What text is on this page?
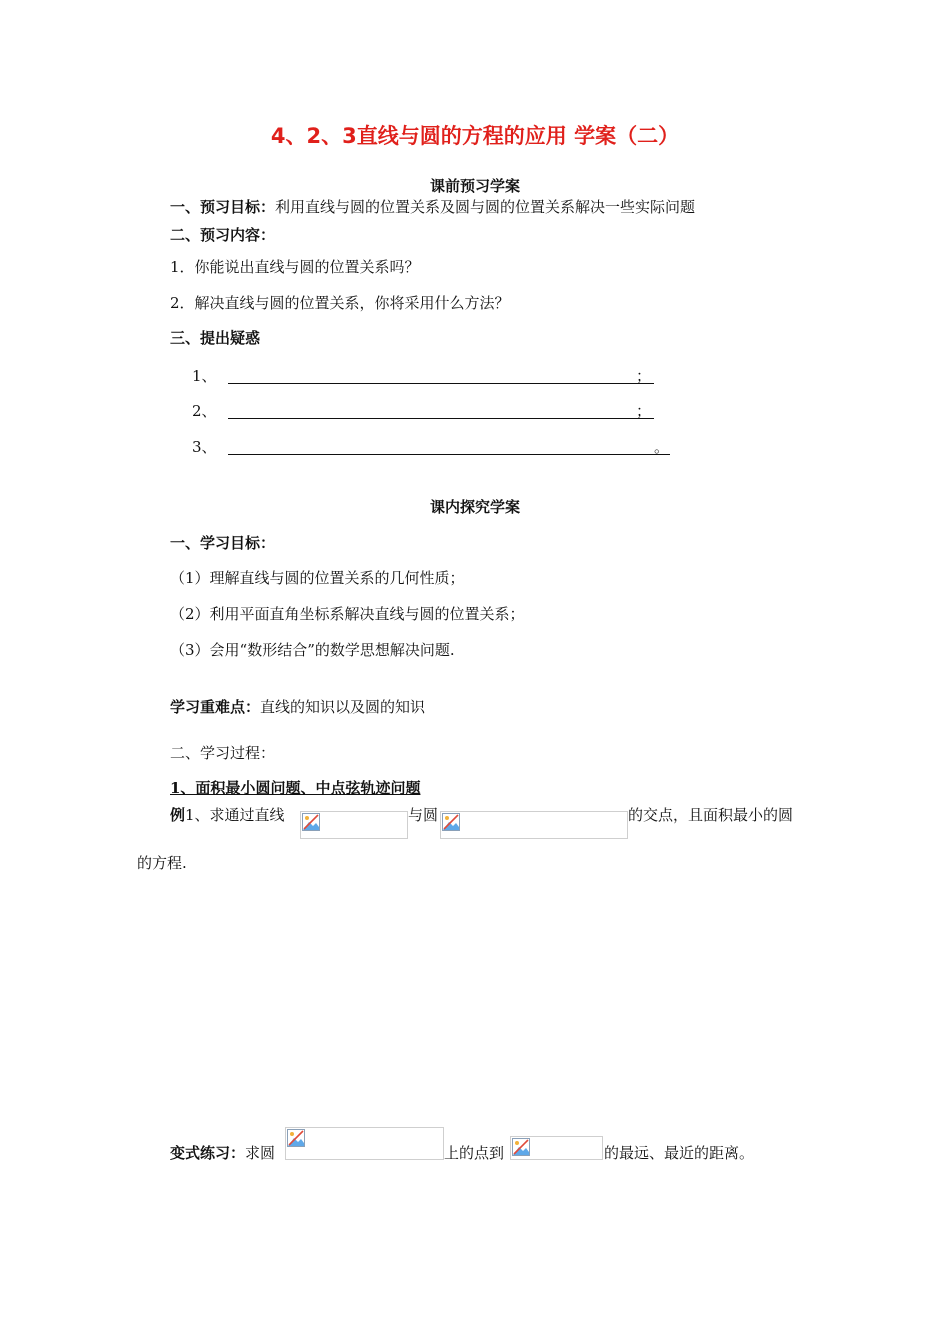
4、2、3直线与圆的方程的应用 学案（二）
课前预习学案
一、预习目标：利用直线与圆的位置关系及圆与圆的位置关系解决一些实际问题
二、预习内容：
1．你能说出直线与圆的位置关系吗？
2．解决直线与圆的位置关系，你将采用什么方法？
三、提出疑惑
1、	；
2、	；
3、	。
课内探究学案
一、学习目标：
（1）理解直线与圆的位置关系的几何性质；
（2）利用平面直角坐标系解决直线与圆的位置关系；
（3）会用“数形结合”的数学思想解决问题.
学习重难点：直线的知识以及圆的知识
二、学习过程：
1、面积最小圆问题、中点弦轨迹问题
例1、求通过直线	与圆	的交点，且面积最小的圆
的方程.
变式练习：求圆	上的点到	的最远、最近的距离。
